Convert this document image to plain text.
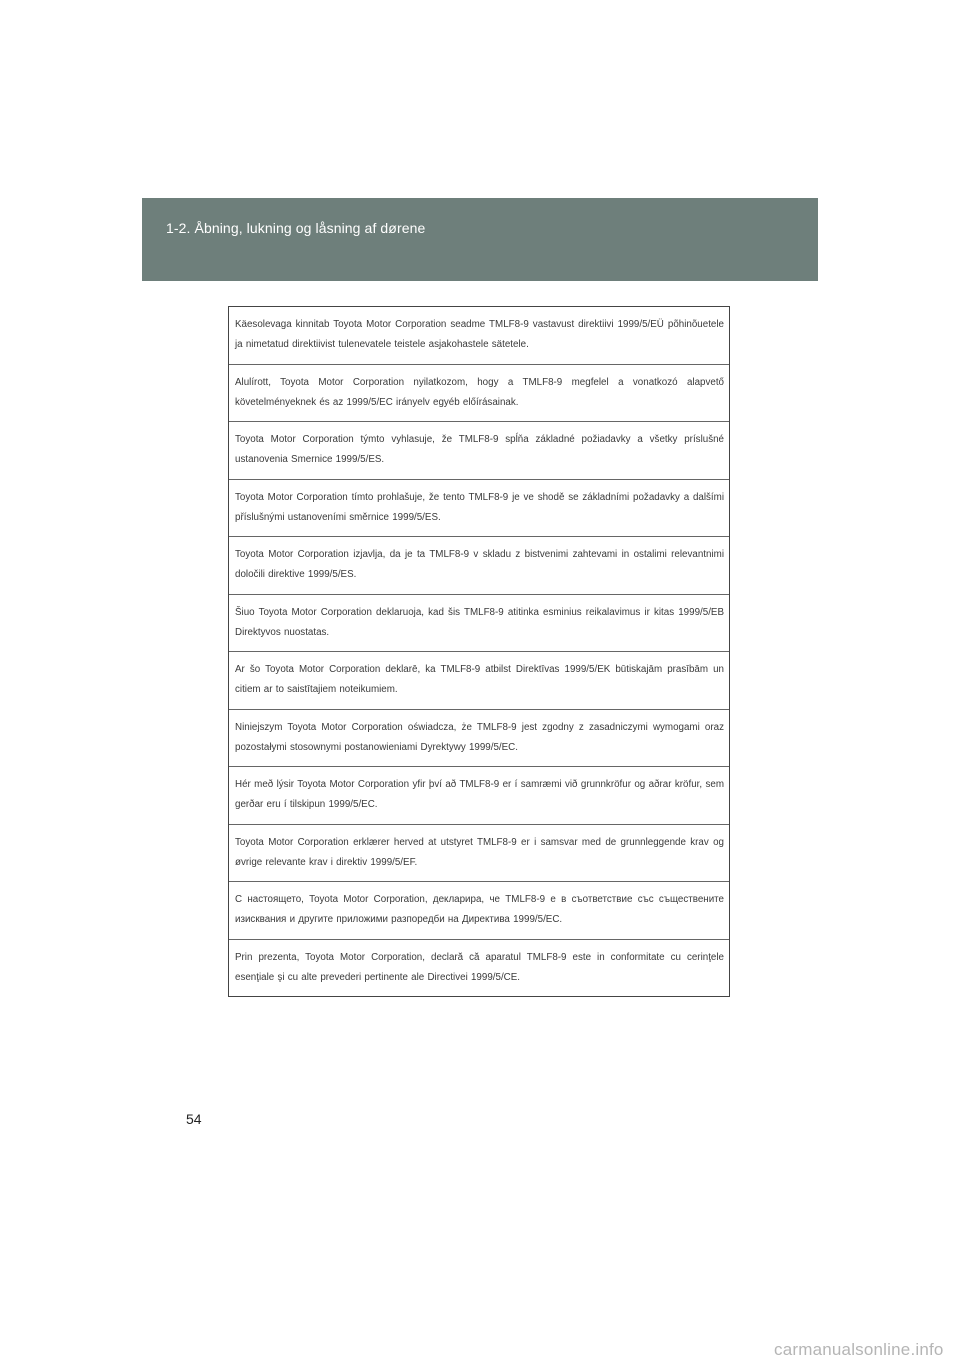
1-2. Åbning, lukning og låsning af dørene

Käesolevaga kinnitab Toyota Motor Corporation seadme TMLF8-9 vastavust direktiivi 1999/5/EÜ põhinõuetele ja nimetatud direktiivist tulenevatele teistele asjakohastele sätetele.

Alulírott, Toyota Motor Corporation nyilatkozom, hogy a TMLF8-9 megfelel a vonatkozó alapvető követelményeknek és az 1999/5/EC irányelv egyéb előírásainak.

Toyota Motor Corporation týmto vyhlasuje, že TMLF8-9 spĺňa základné požiadavky a všetky príslušné ustanovenia Smernice 1999/5/ES.

Toyota Motor Corporation tímto prohlašuje, že tento TMLF8-9 je ve shodě se základními požadavky a dalšími příslušnými ustanoveními směrnice 1999/5/ES.

Toyota Motor Corporation izjavlja, da je ta TMLF8-9 v skladu z bistvenimi zahtevami in ostalimi relevantnimi določili direktive 1999/5/ES.

Šiuo Toyota Motor Corporation deklaruoja, kad šis TMLF8-9 atitinka esminius reikalavimus ir kitas 1999/5/EB Direktyvos nuostatas.

Ar šo Toyota Motor Corporation deklarē, ka TMLF8-9 atbilst Direktīvas 1999/5/EK būtiskajām prasībām un citiem ar to saistītajiem noteikumiem.

Niniejszym Toyota Motor Corporation oświadcza, że TMLF8-9 jest zgodny z zasadniczymi wymogami oraz pozostałymi stosownymi postanowieniami Dyrektywy 1999/5/EC.

Hér með lýsir Toyota Motor Corporation yfir því að TMLF8-9 er í samræmi við grunnkröfur og aðrar kröfur, sem gerðar eru í tilskipun 1999/5/EC.

Toyota Motor Corporation erklærer herved at utstyret TMLF8-9 er i samsvar med de grunnleggende krav og øvrige relevante krav i direktiv 1999/5/EF.

С настоящето, Toyota Motor Corporation, декларира, че TMLF8-9 е в съответствие със съществените изисквания и другите приложими разпоредби на Директива 1999/5/ЕС.

Prin prezenta, Toyota Motor Corporation, declară că aparatul TMLF8-9 este in conformitate cu cerinţele esenţiale şi cu alte prevederi pertinente ale Directivei 1999/5/CE.

54
carmanualsonline.info
